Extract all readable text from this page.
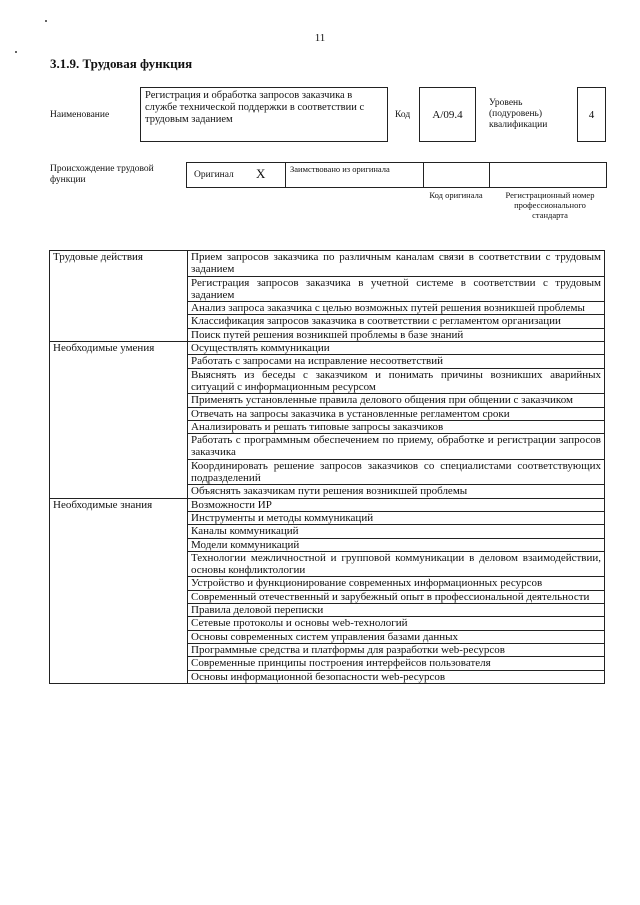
11
3.1.9. Трудовая функция
Наименование
Регистрация и обработка запросов заказчика в службе технической поддержки в соответствии с трудовым заданием	Код	A/09.4
Уровень (подуровень) квалификации
4
Происхождение трудовой функции	Оригинал X	Заимствовано из оригинала
Код оригинала	Регистрационный номер профессионального стандарта
Трудовые действия	Прием запросов заказчика по различным каналам связи в соответствии с трудовым заданием
	Регистрация запросов заказчика в учетной системе в соответствии с трудовым заданием
	Анализ запроса заказчика с целью возможных путей решения возникшей проблемы
	Классификация запросов заказчика в соответствии с регламентом организации
	Поиск путей решения возникшей проблемы в базе знаний
Необходимые умения	Осуществлять коммуникации
	Работать с запросами на исправление несоответствий
	Выяснять из беседы с заказчиком и понимать причины возникших аварийных ситуаций с информационным ресурсом
	Применять установленные правила делового общения при общении с заказчиком
	Отвечать на запросы заказчика в установленные регламентом сроки
	Анализировать и решать типовые запросы заказчиков
	Работать с программным обеспечением по приему, обработке и регистрации запросов заказчика
	Координировать решение запросов заказчиков со специалистами соответствующих подразделений
	Объяснять заказчикам пути решения возникшей проблемы
Необходимые знания	Возможности ИР
	Инструменты и методы коммуникаций
	Каналы коммуникаций
	Модели коммуникаций
	Технологии межличностной и групповой коммуникации в деловом взаимодействии, основы конфликтологии
	Устройство и функционирование современных информационных ресурсов
	Современный отечественный и зарубежный опыт в профессиональной деятельности
	Правила деловой переписки
	Сетевые протоколы и основы web-технологий
	Основы современных систем управления базами данных
	Программные средства и платформы для разработки web-ресурсов
	Современные принципы построения интерфейсов пользователя
	Основы информационной безопасности web-ресурсов
